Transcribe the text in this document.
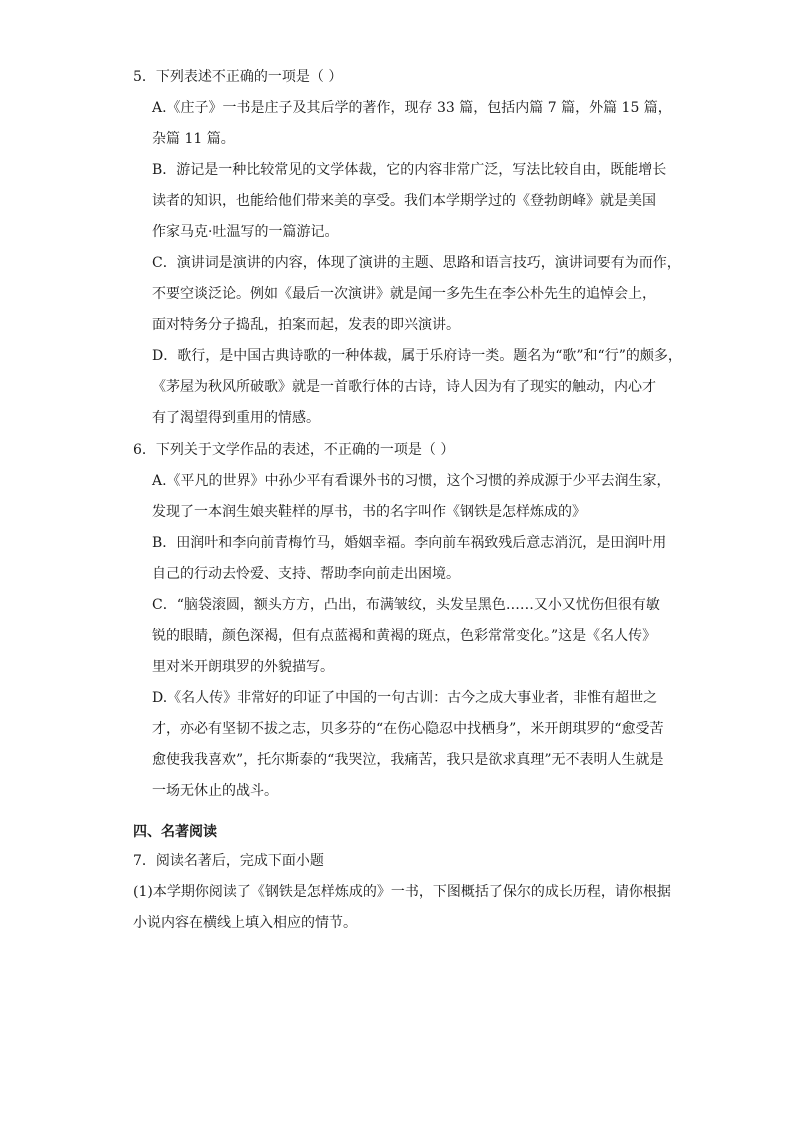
5．下列表述不正确的一项是（ ）
A.《庄子》一书是庄子及其后学的著作，现存 33 篇，包括内篇 7 篇，外篇 15 篇，
杂篇 11 篇。
B．游记是一种比较常见的文学体裁，它的内容非常广泛，写法比较自由，既能增长
读者的知识，也能给他们带来美的享受。我们本学期学过的《登勃朗峰》就是美国
作家马克·吐温写的一篇游记。
C．演讲词是演讲的内容，体现了演讲的主题、思路和语言技巧，演讲词要有为而作，
不要空谈泛论。例如《最后一次演讲》就是闻一多先生在李公朴先生的追悼会上，
面对特务分子捣乱，拍案而起，发表的即兴演讲。
D．歌行，是中国古典诗歌的一种体裁，属于乐府诗一类。题名为“歌”和“行”的颇多，
《茅屋为秋风所破歌》就是一首歌行体的古诗，诗人因为有了现实的触动，内心才
有了渴望得到重用的情感。
6．下列关于文学作品的表述，不正确的一项是（ ）
A.《平凡的世界》中孙少平有看课外书的习惯，这个习惯的养成源于少平去润生家，
发现了一本润生娘夹鞋样的厚书，书的名字叫作《钢铁是怎样炼成的》
B．田润叶和李向前青梅竹马，婚姻幸福。李向前车祸致残后意志消沉，是田润叶用
自己的行动去怜爱、支持、帮助李向前走出困境。
C．“脑袋滚圆，额头方方，凸出，布满皱纹，头发呈黑色……又小又忧伤但很有敏
锐的眼睛，颜色深褐，但有点蓝褐和黄褐的斑点，色彩常常变化。”这是《名人传》
里对米开朗琪罗的外貌描写。
D.《名人传》非常好的印证了中国的一句古训：古今之成大事业者，非惟有超世之
才，亦必有坚韧不拔之志，贝多芬的“在伤心隐忍中找栖身”，米开朗琪罗的“愈受苦
愈使我我喜欢”，托尔斯泰的“我哭泣，我痛苦，我只是欲求真理”无不表明人生就是
一场无休止的战斗。
四、名著阅读
7．阅读名著后，完成下面小题
(1)本学期你阅读了《钢铁是怎样炼成的》一书，下图概括了保尔的成长历程，请你根据
小说内容在横线上填入相应的情节。
